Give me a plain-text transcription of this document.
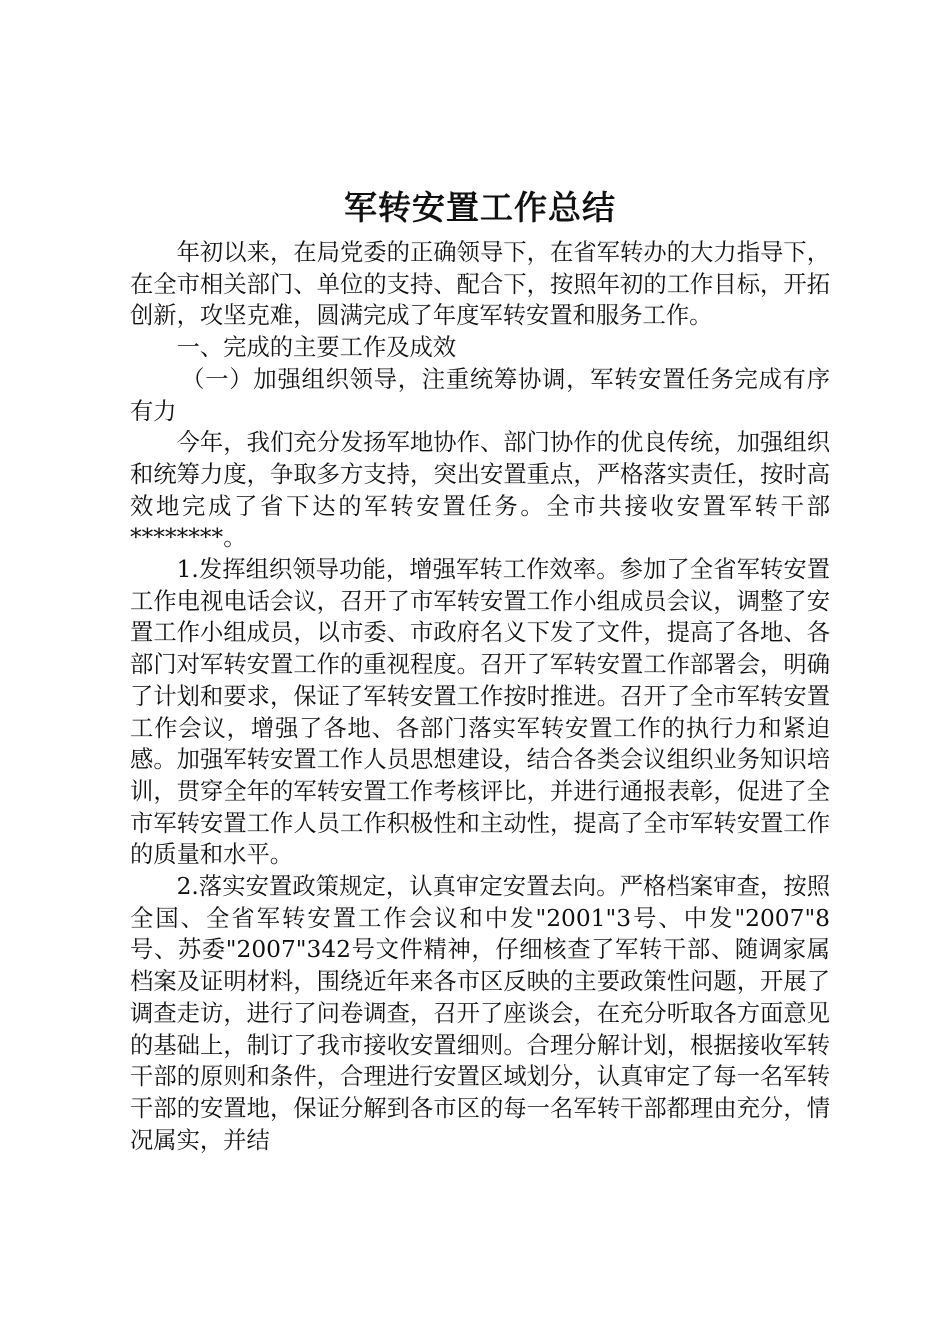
军转安置工作总结

年初以来，在局党委的正确领导下，在省军转办的大力指导下，在全市相关部门、单位的支持、配合下，按照年初的工作目标，开拓创新，攻坚克难，圆满完成了年度军转安置和服务工作。

一、完成的主要工作及成效

（一）加强组织领导，注重统筹协调，军转安置任务完成有序有力

今年，我们充分发扬军地协作、部门协作的优良传统，加强组织和统筹力度，争取多方支持，突出安置重点，严格落实责任，按时高效地完成了省下达的军转安置任务。全市共接收安置军转干部********。

1.发挥组织领导功能，增强军转工作效率。参加了全省军转安置工作电视电话会议，召开了市军转安置工作小组成员会议，调整了安置工作小组成员，以市委、市政府名义下发了文件，提高了各地、各部门对军转安置工作的重视程度。召开了军转安置工作部署会，明确了计划和要求，保证了军转安置工作按时推进。召开了全市军转安置工作会议，增强了各地、各部门落实军转安置工作的执行力和紧迫感。加强军转安置工作人员思想建设，结合各类会议组织业务知识培训，贯穿全年的军转安置工作考核评比，并进行通报表彰，促进了全市军转安置工作人员工作积极性和主动性，提高了全市军转安置工作的质量和水平。

2.落实安置政策规定，认真审定安置去向。严格档案审查，按照全国、全省军转安置工作会议和中发"2001"3号、中发"2007"8号、苏委"2007"342号文件精神，仔细核查了军转干部、随调家属档案及证明材料，围绕近年来各市区反映的主要政策性问题，开展了调查走访，进行了问卷调查，召开了座谈会，在充分听取各方面意见的基础上，制订了我市接收安置细则。合理分解计划，根据接收军转干部的原则和条件，合理进行安置区域划分，认真审定了每一名军转干部的安置地，保证分解到各市区的每一名军转干部都理由充分，情况属实，并结
